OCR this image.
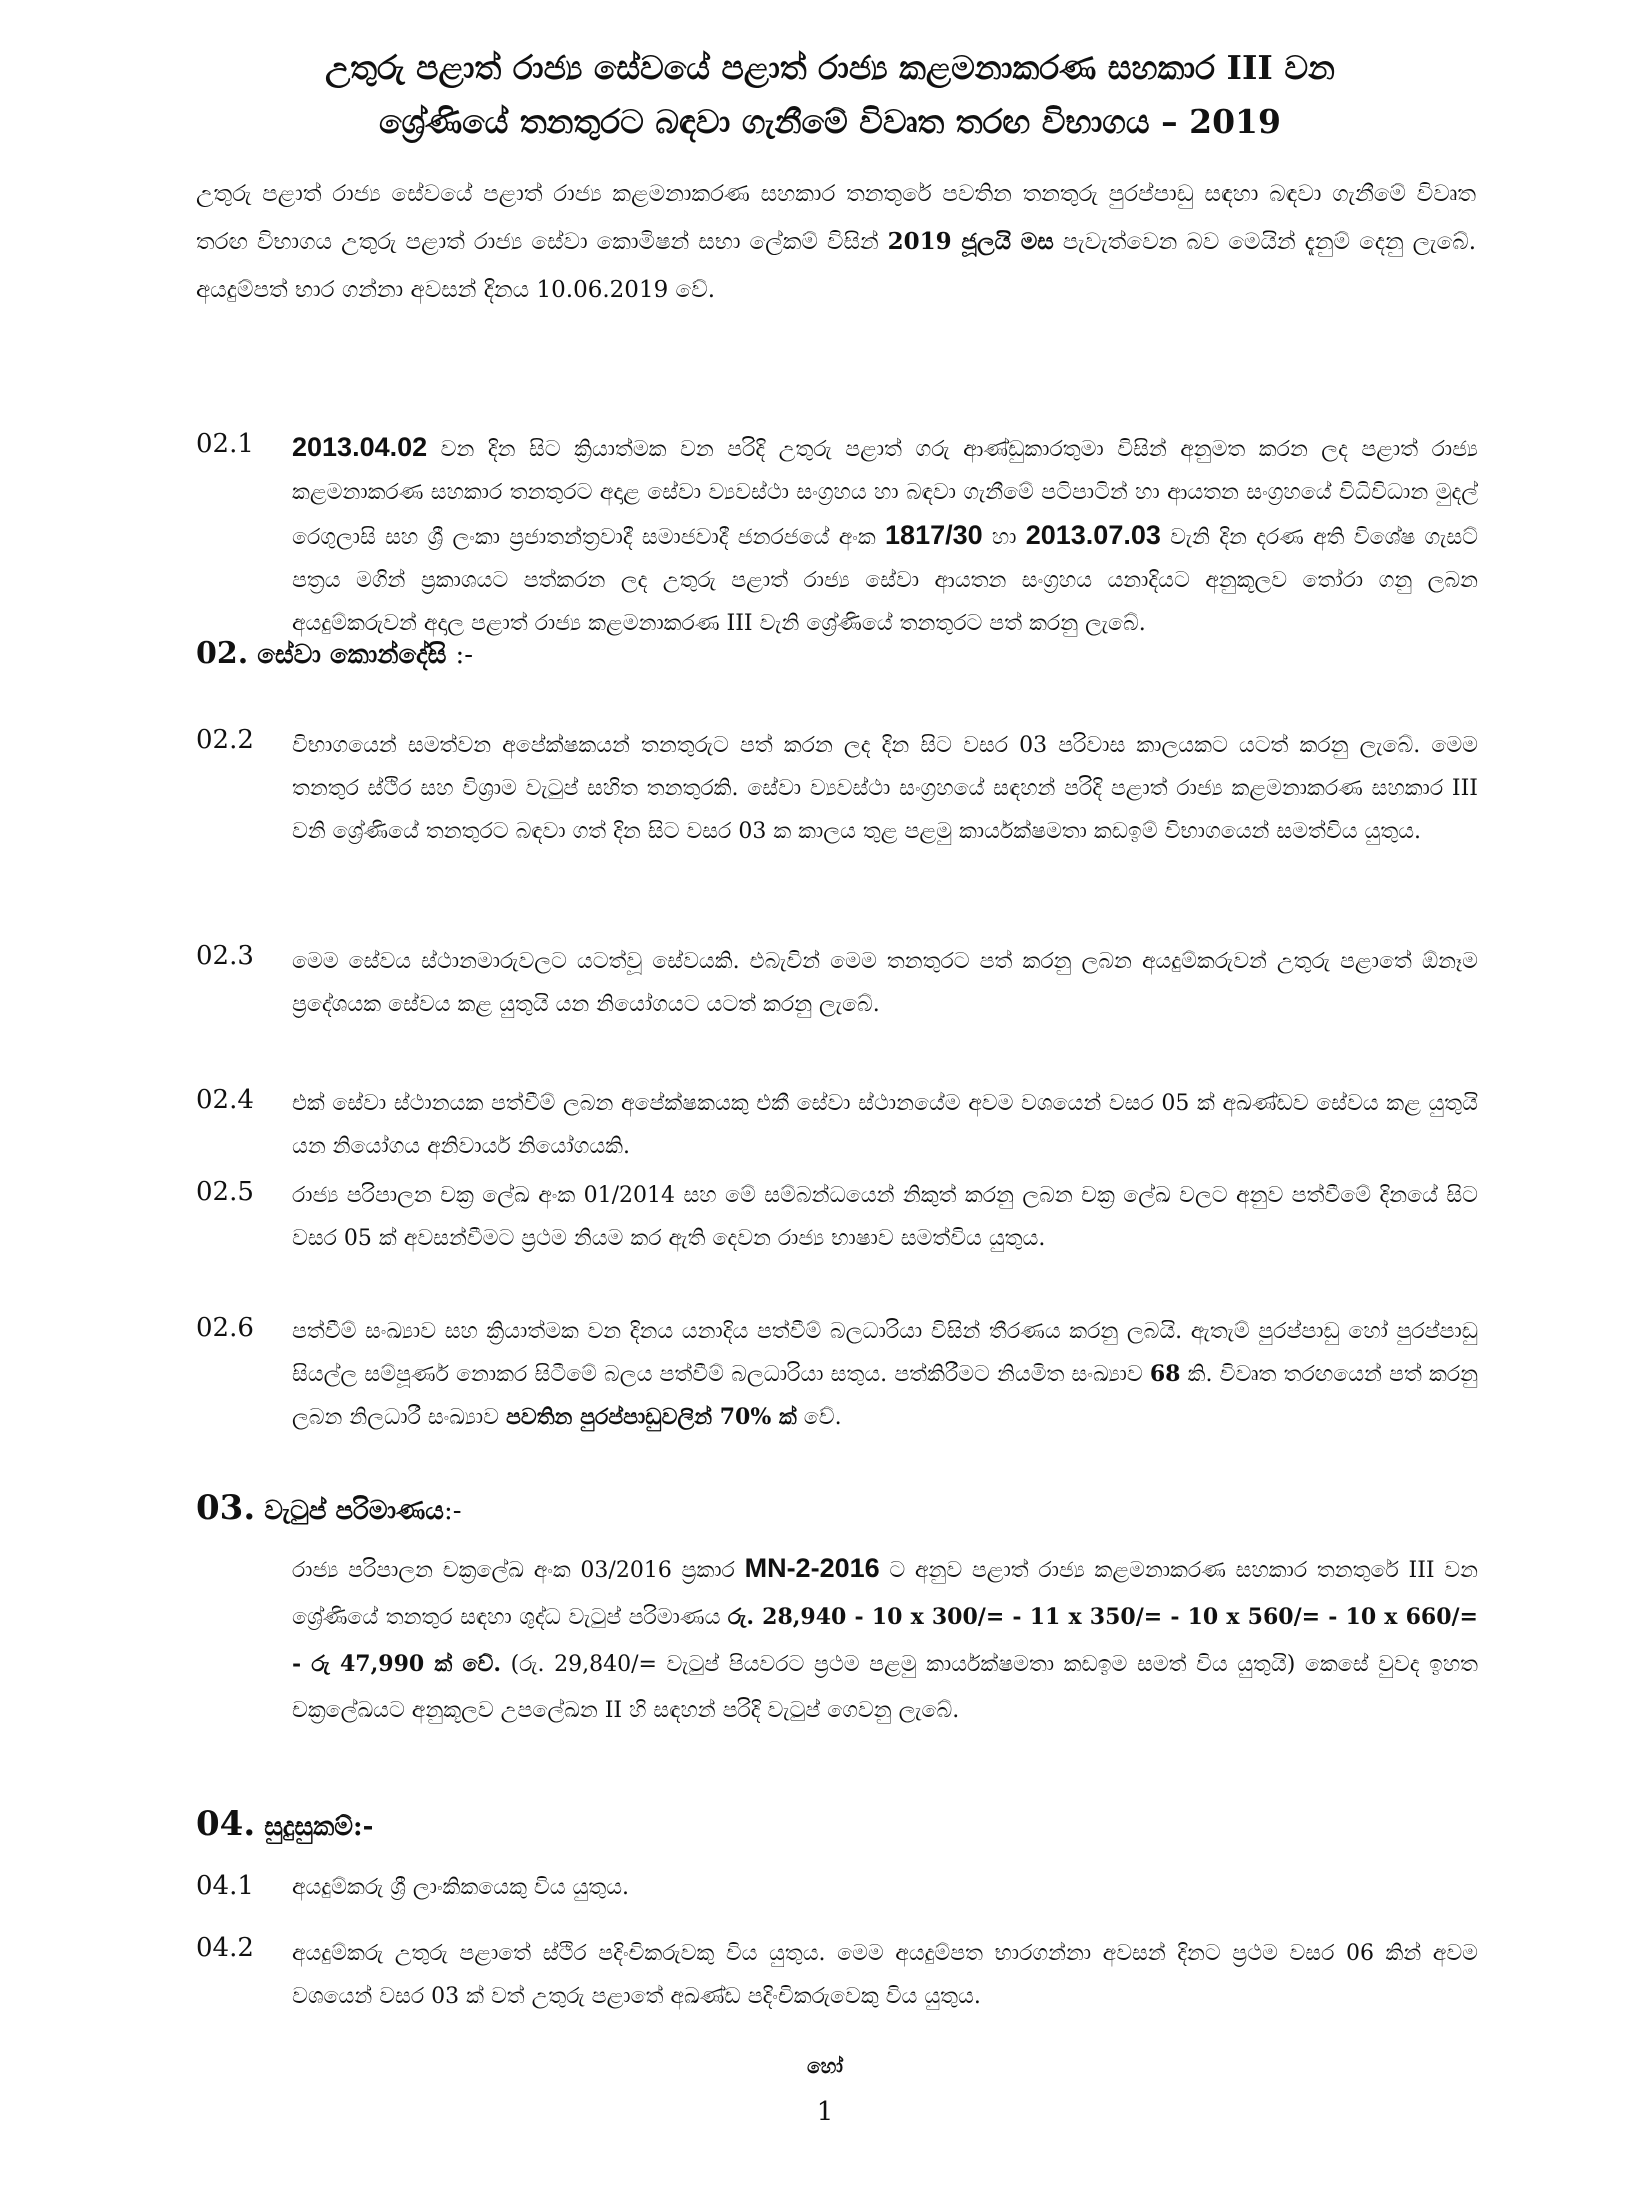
උතුරු පළාත් රාජ්‍ය සේවයේ පළාත් රාජ්‍ය කළමනාකරණ සහකාර III වන
ශ්‍රේණියේ තනතුරට බඳවා ගැනීමේ විවෘත තරඟ විභාගය – 2019
උතුරු පළාත් රාජ්‍ය සේවයේ පළාත් රාජ්‍ය කළමනාකරණ සහකාර තනතුරේ පවතින තනතුරු පුරප්පාඩු සඳහා බඳවා ගැනීමේ විවෘත තරඟ විභාගය උතුරු පළාත් රාජ්‍ය සේවා කොමිෂන් සභා ලේකම් විසින් 2019 ජූලයි මස පැවැත්වෙන බව මෙයින් දැනුම් දෙනු ලැබේ. අයදුම්පත් භාර ගන්නා අවසන් දිනය 10.06.2019 වේ.
02. සේවා කොන්දේසි :-
02.1 2013.04.02 වන දින සිට ක්‍රියාත්මක වන පරිදි උතුරු පළාත් ගරු ආණ්ඩුකාරතුමා විසින් අනුමත කරන ලද පළාත් රාජ්‍ය කළමනාකරණ සහකාර තනතුරට අදාළ සේවා ව්‍යවස්ථා සංග්‍රහය හා බඳවා ගැනීමේ පටිපාටින් හා ආයතන සංග්‍රහයේ විධිවිධාන මුදල් රෙගුලාසි සහ ශ්‍රී ලංකා ප්‍රජාතන්ත්‍රවාදී සමාජවාදී ජනරජයේ අංක 1817/30 හා 2013.07.03 වැනි දින දරණ අති විශේෂ ගැසට් පත්‍රය මගින් ප්‍රකාශයට පත්කරන ලද උතුරු පළාත් රාජ්‍ය සේවා ආයතන සංග්‍රහය යනාදියට අනුකූලව තෝරා ගනු ලබන අයදුම්කරුවන් අදාල පළාත් රාජ්‍ය කළමනාකරණ III වැනි ශ්‍රේණියේ තනතුරට පත් කරනු ලැබේ.
02.2 විභාගයෙන් සමත්වන අපේක්ෂකයන් තනතුරුට පත් කරන ලද දින සිට වසර 03 පරිවාස කාලයකට යටත් කරනු ලැබේ. මෙම තනතුර ස්ථිර සහ විශ්‍රාම වැටුප් සහිත තනතුරකි. සේවා ව්‍යවස්ථා සංග්‍රහයේ සඳහන් පරිදි පළාත් රාජ්‍ය කළමනාකරණ සහකාර III වනි ශ්‍රේණියේ තනතුරට බඳවා ගත් දින සිට වසර 03 ක කාලය තුළ පළමු කාර්යක්ෂමතා කඩඉම් විභාගයෙන් සමත්විය යුතුය.
02.3 මෙම සේවය ස්ථානමාරුවලට යටත්වූ සේවයකි. එබැවින් මෙම තනතුරට පත් කරනු ලබන අයදුම්කරුවන් උතුරු පළාතේ ඕනෑම ප්‍රදේශයක සේවය කළ යුතුයි යන නියෝගයට යටත් කරනු ලැබේ.
02.4 එක් සේවා ස්ථානයක පත්වීම් ලබන අපේක්ෂකයකු එකී සේවා ස්ථානයේම අවම වශයෙන් වසර 05 ක් අඛණ්ඩව සේවය කළ යුතුයි යන නියෝගය අනිවාර්ය නියෝගයකි.
02.5 රාජ්‍ය පරිපාලන චක්‍ර ලේඛ අංක 01/2014 සහ මේ සම්බන්ධයෙන් නිකුත් කරනු ලබන චක්‍ර ලේඛ වලට අනුව පත්වීමේ දිනයේ සිට වසර 05 ක් අවසන්වීමට ප්‍රථම නියම කර ඇති දෙවන රාජ්‍ය භාෂාව සමත්විය යුතුය.
02.6 පත්වීම් සංඛ්‍යාව සහ ක්‍රියාත්මක වන දිනය යනාදිය පත්වීම් බලධාරියා විසින් තීරණය කරනු ලබයි. ඇතැම් පුරප්පාඩු හෝ පුරප්පාඩු සියල්ල සම්පූර්ණ නොකර සිටීමේ බලය පත්වීම් බලධාරියා සතුය. පත්කිරීමට නියමිත සංඛ්‍යාව 68 කි. විවෘත තරඟයෙන් පත් කරනු ලබන නිලධාරී සංඛ්‍යාව පවතින පුරප්පාඩුවලින් 70% ක් වේ.
03. වැටුප් පරිමාණය:-
රාජ්‍ය පරිපාලන චක්‍රලේඛ අංක 03/2016 ප්‍රකාර MN-2-2016 ට අනුව පළාත් රාජ්‍ය කළමනාකරණ සහකාර තනතුරේ III වන ශ්‍රේණියේ තනතුර සඳහා ශුද්ධ වැටුප් පරිමාණය රු. 28,940 - 10 x 300/= - 11 x 350/= - 10 x 560/= - 10 x 660/= - රු 47,990 ක් වේ. (රු. 29,840/= වැටුප් පියවරට ප්‍රථම පළමු කාර්යක්ෂමතා කඩඉම සමත් විය යුතුයි) කෙසේ වුවද ඉහත චක්‍රලේඛයට අනුකූලව උපලේඛන II හි සඳහන් පරිදි වැටුප් ගෙවනු ලැබේ.
04. සුදුසුකම්:-
04.1 අයදුම්කරු ශ්‍රී ලාංකිකයෙකු විය යුතුය.
04.2 අයදුම්කරු උතුරු පළාතේ ස්ථිර පදිංචිකරුවකු විය යුතුය. මෙම අයදුම්පත භාරගන්නා අවසන් දිනට ප්‍රථම වසර 06 කින් අවම වශයෙන් වසර 03 ක් වත් උතුරු පළාතේ අඛණ්ඩ පදිංචිකරුවෙකු විය යුතුය.
හෝ
1
